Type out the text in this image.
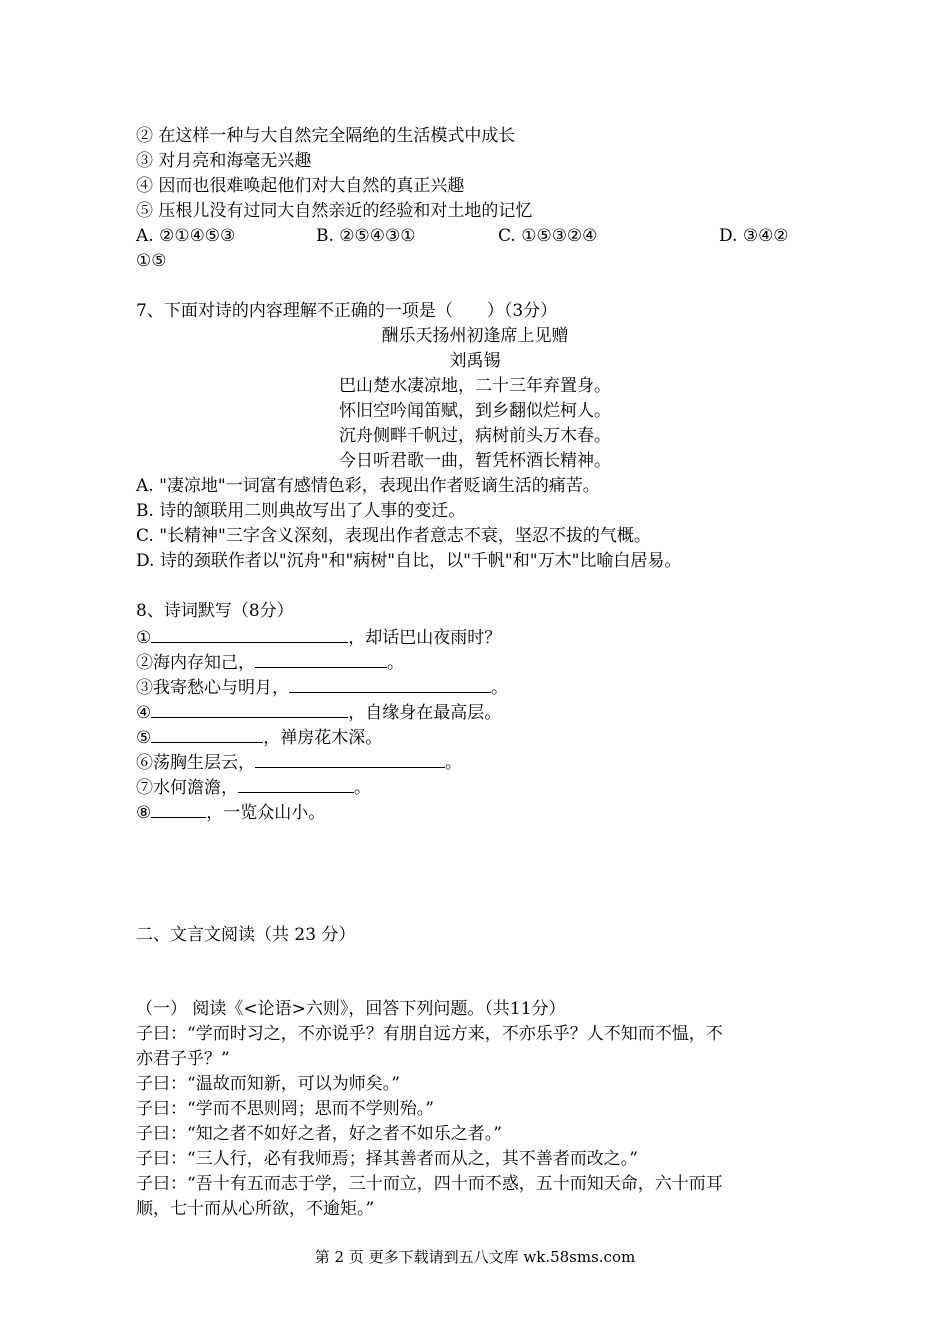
② 在这样一种与大自然完全隔绝的生活模式中成长
③ 对月亮和海毫无兴趣
④ 因而也很难唤起他们对大自然的真正兴趣
⑤ 压根儿没有过同大自然亲近的经验和对土地的记忆
A. ②①④⑤③	B. ②⑤④③①	C. ①⑤③②④	D. ③④②
①⑤
7、下面对诗的内容理解不正确的一项是（　　）（3分）
酬乐天扬州初逢席上见赠
刘禹锡
巴山楚水凄凉地，二十三年弃置身。
怀旧空吟闻笛赋，到乡翻似烂柯人。
沉舟侧畔千帆过，病树前头万木春。
今日听君歌一曲，暂凭杯酒长精神。
A. "凄凉地"一词富有感情色彩，表现出作者贬谪生活的痛苦。
B. 诗的颔联用二则典故写出了人事的变迁。
C. "长精神"三字含义深刻，表现出作者意志不衰，坚忍不拔的气概。
D. 诗的颈联作者以"沉舟"和"病树"自比，以"千帆"和"万木"比喻白居易。
8、诗词默写（8分）
①	，却话巴山夜雨时？
②海内存知己，	。
③我寄愁心与明月，	。
④	，自缘身在最高层。
⑤	，禅房花木深。
⑥荡胸生层云，	。
⑦水何澹澹，	。
⑧	，一览众山小。
二、文言文阅读（共 23 分）
（一） 阅读《<论语>六则》，回答下列问题。（共11分）
子曰：“学而时习之，不亦说乎？有朋自远方来，不亦乐乎？人不知而不愠，不
亦君子乎？”
子曰：“温故而知新，可以为师矣。”
子曰：“学而不思则罔；思而不学则殆。”
子曰：“知之者不如好之者，好之者不如乐之者。”
子曰：“三人行，必有我师焉；择其善者而从之，其不善者而改之。”
子曰：“吾十有五而志于学，三十而立，四十而不惑，五十而知天命，六十而耳
顺，七十而从心所欲，不逾矩。”
第 2 页 更多下载请到五八文库 wk.58sms.com
